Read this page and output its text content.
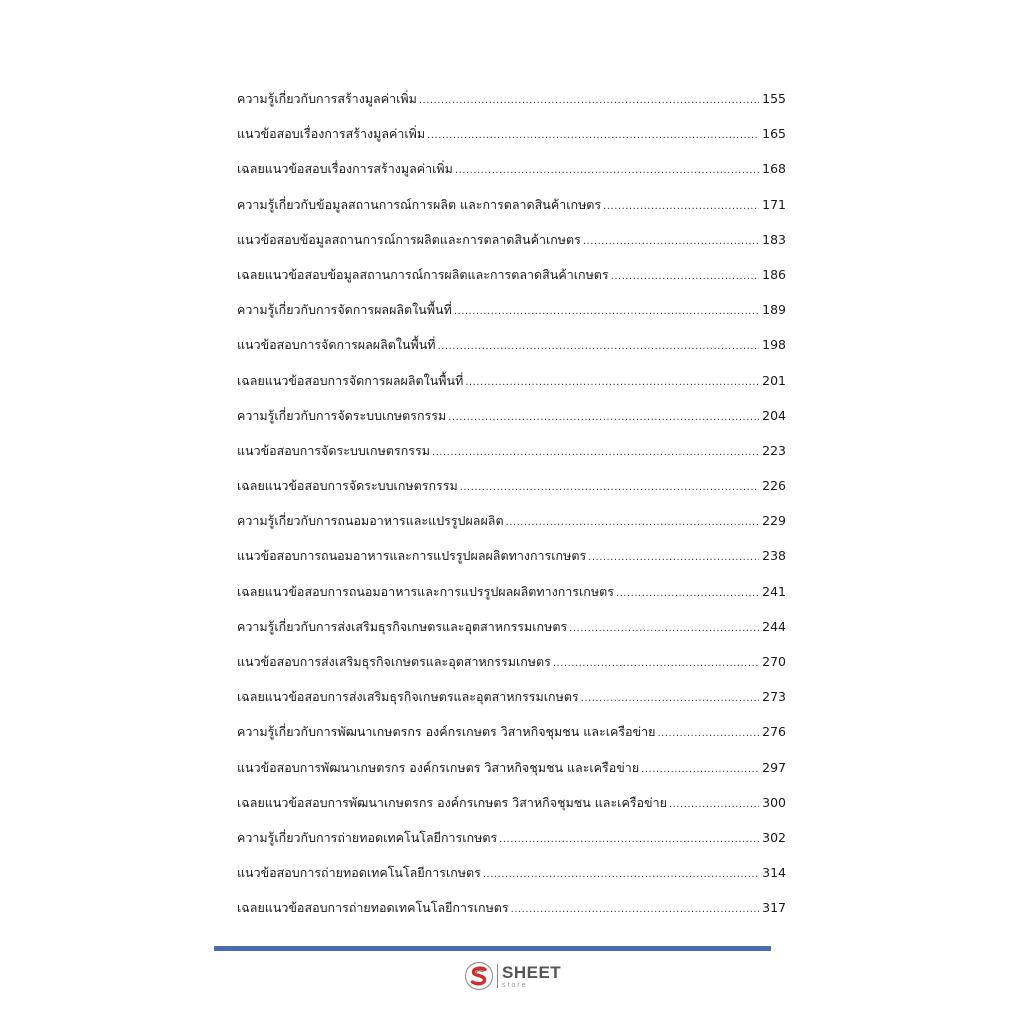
ความรู้เกี่ยวกับการสร้างมูลค่าเพิ่ม .....	155
แนวข้อสอบเรื่องการสร้างมูลค่าเพิ่ม .....	165
เฉลยแนวข้อสอบเรื่องการสร้างมูลค่าเพิ่ม .....	168
ความรู้เกี่ยวกับข้อมูลสถานการณ์การผลิต และการตลาดสินค้าเกษตร .....	171
แนวข้อสอบข้อมูลสถานการณ์การผลิตและการตลาดสินค้าเกษตร .....	183
เฉลยแนวข้อสอบข้อมูลสถานการณ์การผลิตและการตลาดสินค้าเกษตร .....	186
ความรู้เกี่ยวกับการจัดการผลผลิตในพื้นที่ .....	189
แนวข้อสอบการจัดการผลผลิตในพื้นที่ .....	198
เฉลยแนวข้อสอบการจัดการผลผลิตในพื้นที่ .....	201
ความรู้เกี่ยวกับการจัดระบบเกษตรกรรม .....	204
แนวข้อสอบการจัดระบบเกษตรกรรม .....	223
เฉลยแนวข้อสอบการจัดระบบเกษตรกรรม .....	226
ความรู้เกี่ยวกับการถนอมอาหารและแปรรูปผลผลิต .....	229
แนวข้อสอบการถนอมอาหารและการแปรรูปผลผลิตทางการเกษตร .....	238
เฉลยแนวข้อสอบการถนอมอาหารและการแปรรูปผลผลิตทางการเกษตร .....	241
ความรู้เกี่ยวกับการส่งเสริมธุรกิจเกษตรและอุตสาหกรรมเกษตร .....	244
แนวข้อสอบการส่งเสริมธุรกิจเกษตรและอุตสาหกรรมเกษตร .....	270
เฉลยแนวข้อสอบการส่งเสริมธุรกิจเกษตรและอุตสาหกรรมเกษตร .....	273
ความรู้เกี่ยวกับการพัฒนาเกษตรกร องค์กรเกษตร วิสาหกิจชุมชน และเครือข่าย .....	276
แนวข้อสอบการพัฒนาเกษตรกร องค์กรเกษตร วิสาหกิจชุมชน และเครือข่าย .....	297
เฉลยแนวข้อสอบการพัฒนาเกษตรกร องค์กรเกษตร วิสาหกิจชุมชน และเครือข่าย .....	300
ความรู้เกี่ยวกับการถ่ายทอดเทคโนโลยีการเกษตร .....	302
แนวข้อสอบการถ่ายทอดเทคโนโลยีการเกษตร .....	314
เฉลยแนวข้อสอบการถ่ายทอดเทคโนโลยีการเกษตร .....	317
SHEET
store
